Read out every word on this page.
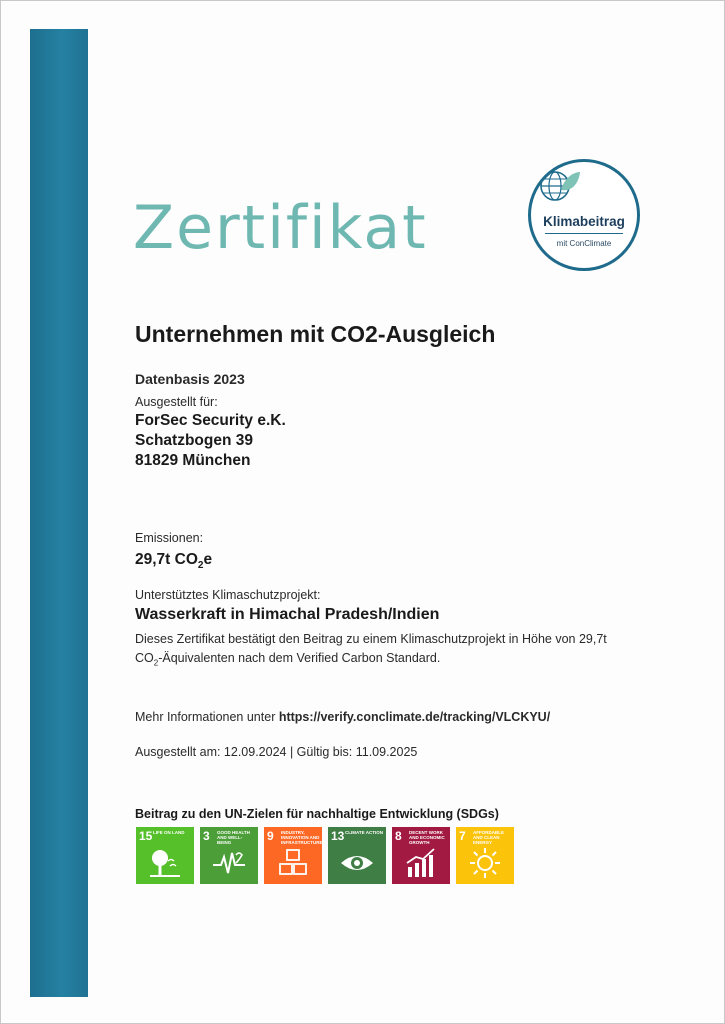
Zertifikat	Klimabeitrag
mit ConClimate
Unternehmen mit CO2-Ausgleich
Datenbasis 2023
Ausgestellt für:
ForSec Security e.K.
Schatzbogen 39
81829 München
Emissionen:
29,7t $CO_2e$
Unterstütztes Klimaschutzprojekt:
Wasserkraft in Himachal Pradesh/Indien
Dieses Zertifikat bestätigt den Beitrag zu einem Klimaschutzprojekt in Höhe von 29,7t $CO_2$-Äquivalenten nach dem Verified Carbon Standard.
Mehr Informationen unter https://verify.conclimate.de/tracking/VLCKYU/
Ausgestellt am: 12.09.2024 | Gültig bis: 11.09.2025
Beitrag zu den UN-Zielen für nachhaltige Entwicklung (SDGs)
15 LIFE ON LAND	3 GOOD HEALTH AND WELL-BEING	9 INDUSTRY, INNOVATION AND INFRASTRUCTURE 13 CLIMATE ACTION 8 DECENT WORK AND ECONOMIC GROWTH	7 AFFORDABLE AND CLEAN ENERGY
